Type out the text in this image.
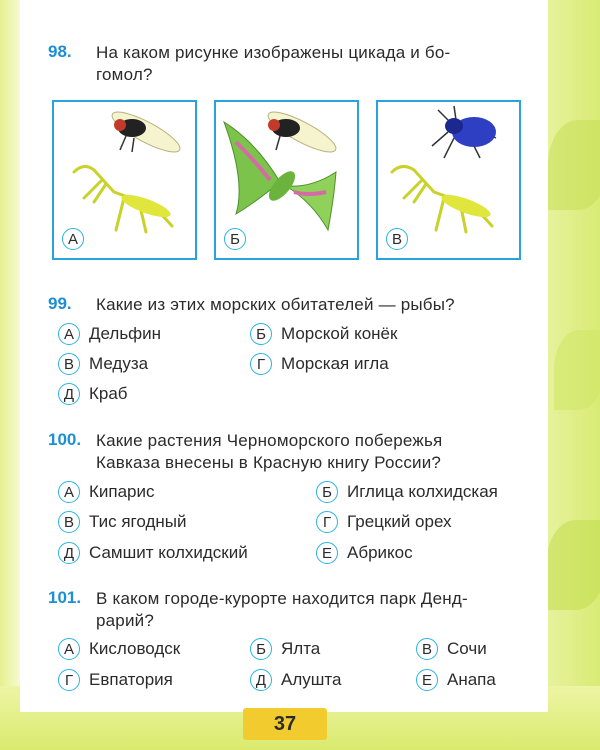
98. На каком рисунке изображены цикада и бо-
гомол?
А	Б	В
99. Какие из этих морских обитателей — рыбы?
А Дельфин	Б Морской конёк
В Медуза	Г Морская игла
Д Краб
100. Какие растения Черноморского побережья
Кавказа внесены в Красную книгу России?
А Кипарис	Б Иглица колхидская
В Тис ягодный	Г Грецкий орех
Д Самшит колхидский	Е Абрикос
101. В каком городе-курорте находится парк Денд-
рарий?
А Кисловодск	Б Ялта	В Сочи
Г Евпатория	Д Алушта	Е Анапа
37
